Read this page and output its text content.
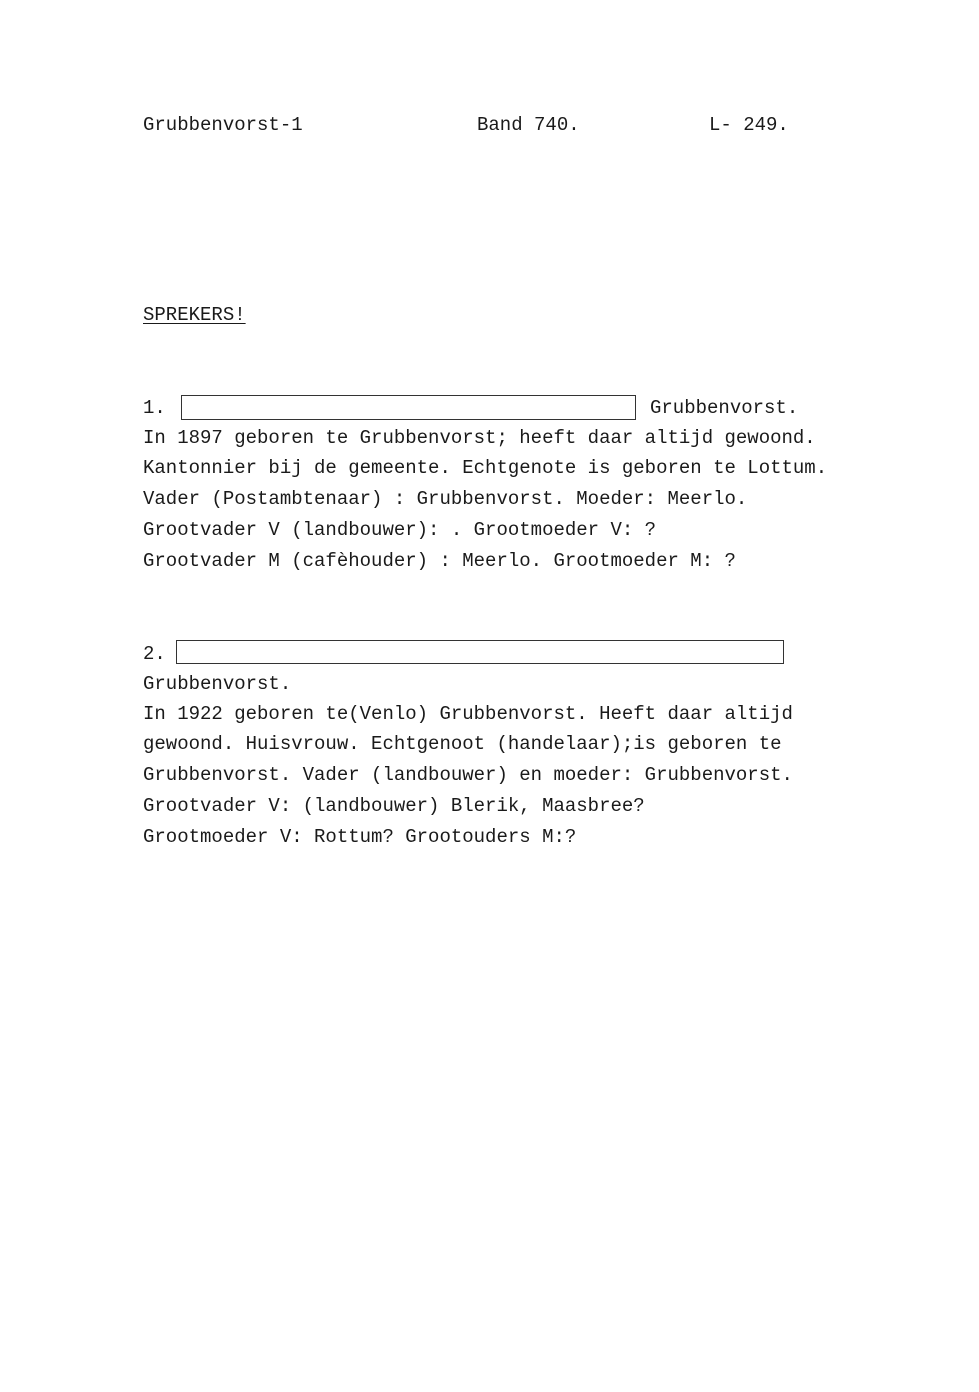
Grubbenvorst-1	Band 740.	L- 249.
SPREKERS!
1.	Grubbenvorst.
In 1897 geboren te Grubbenvorst; heeft daar altijd gewoond.
Kantonnier bij de gemeente. Echtgenote is geboren te Lottum.
Vader (Postambtenaar) : Grubbenvorst. Moeder: Meerlo.
Grootvader V (landbouwer): . Grootmoeder V: ?
Grootvader M (cafèhouder) : Meerlo. Grootmoeder M: ?
2.
Grubbenvorst.
In 1922 geboren te(Venlo) Grubbenvorst. Heeft daar altijd
gewoond. Huisvrouw. Echtgenoot (handelaar);is geboren te
Grubbenvorst. Vader (landbouwer) en moeder: Grubbenvorst.
Grootvader V: (landbouwer) Blerik, Maasbree?
Grootmoeder V: Rottum? Grootouders M:?
